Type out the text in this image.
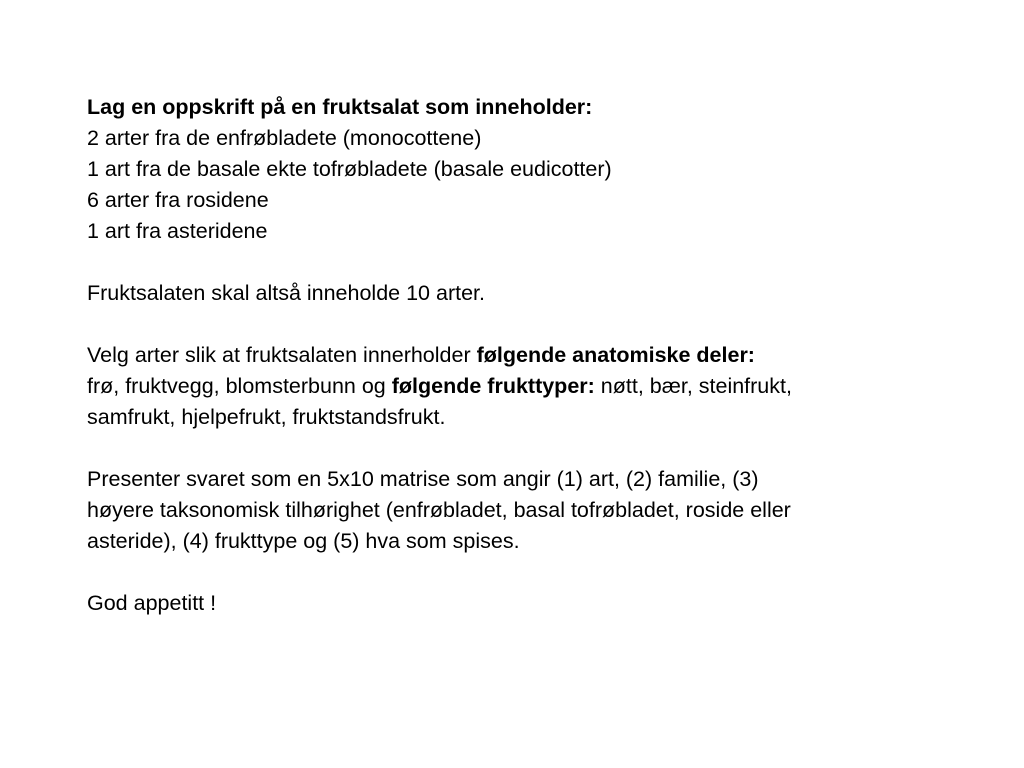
Lag en oppskrift på en fruktsalat som inneholder:

2 arter fra de enfrøbladete (monocottene)

1 art fra de basale ekte tofrøbladete (basale eudicotter)

6 arter fra rosidene

1 art fra asteridene

Fruktsalaten skal altså inneholde 10 arter.

Velg arter slik at fruktsalaten innerholder følgende anatomiske deler:

frø, fruktvegg, blomsterbunn og følgende frukttyper: nøtt, bær, steinfrukt,

samfrukt, hjelpefrukt, fruktstandsfrukt.

Presenter svaret som en 5x10 matrise som angir (1) art, (2) familie, (3)

høyere taksonomisk tilhørighet (enfrøbladet, basal tofrøbladet, roside eller

asteride), (4) frukttype og (5) hva som spises.

God appetitt !
